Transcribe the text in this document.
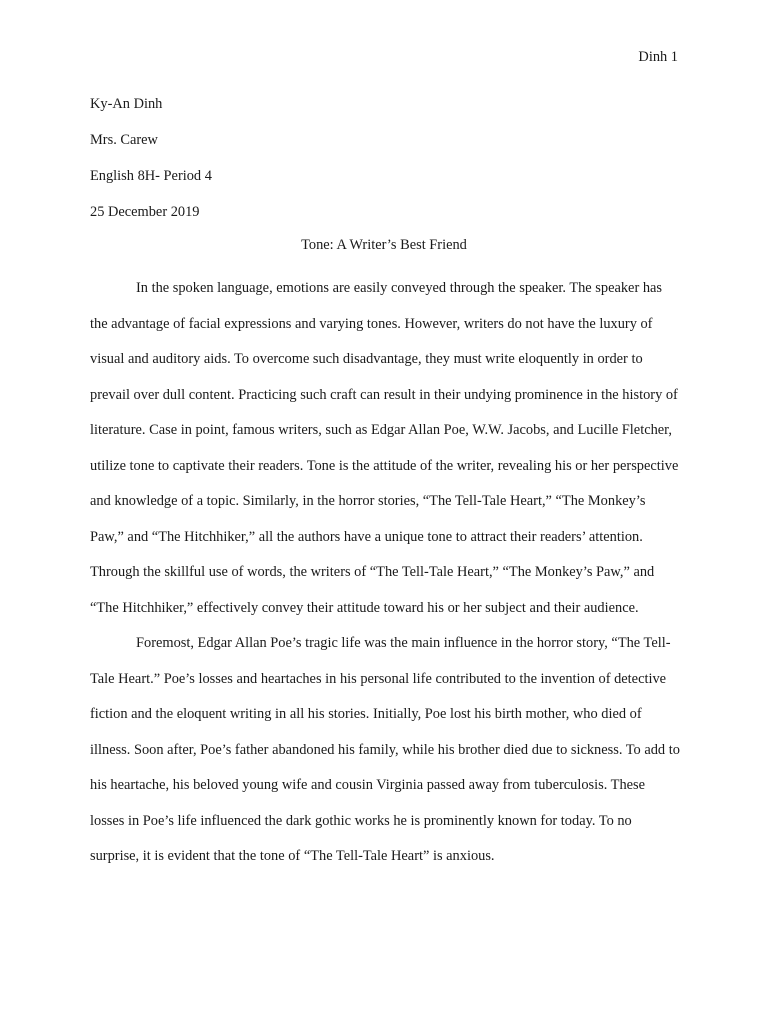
Dinh 1
Ky-An Dinh
Mrs. Carew
English 8H- Period 4
25 December 2019
Tone: A Writer’s Best Friend

In the spoken language, emotions are easily conveyed through the speaker. The speaker has the advantage of facial expressions and varying tones. However, writers do not have the luxury of visual and auditory aids. To overcome such disadvantage, they must write eloquently in order to prevail over dull content. Practicing such craft can result in their undying prominence in the history of literature. Case in point, famous writers, such as Edgar Allan Poe, W.W. Jacobs, and Lucille Fletcher, utilize tone to captivate their readers. Tone is the attitude of the writer, revealing his or her perspective and knowledge of a topic. Similarly, in the horror stories, “The Tell-Tale Heart,” “The Monkey’s Paw,” and “The Hitchhiker,” all the authors have a unique tone to attract their readers’ attention. Through the skillful use of words, the writers of “The Tell-Tale Heart,” “The Monkey’s Paw,” and “The Hitchhiker,” effectively convey their attitude toward his or her subject and their audience.

Foremost, Edgar Allan Poe’s tragic life was the main influence in the horror story, “The Tell-Tale Heart.” Poe’s losses and heartaches in his personal life contributed to the invention of detective fiction and the eloquent writing in all his stories. Initially, Poe lost his birth mother, who died of illness. Soon after, Poe’s father abandoned his family, while his brother died due to sickness. To add to his heartache, his beloved young wife and cousin Virginia passed away from tuberculosis. These losses in Poe’s life influenced the dark gothic works he is prominently known for today. To no surprise, it is evident that the tone of “The Tell-Tale Heart” is anxious.
